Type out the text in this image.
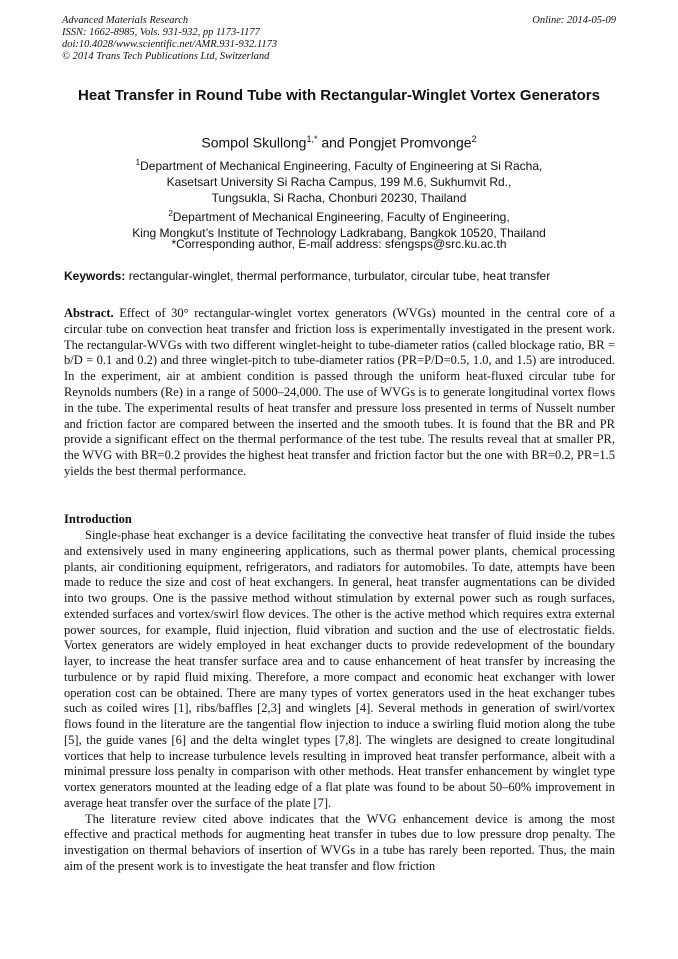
Advanced Materials Research
ISSN: 1662-8985, Vols. 931-932, pp 1173-1177
doi:10.4028/www.scientific.net/AMR.931-932.1173
© 2014 Trans Tech Publications Ltd, Switzerland
Online: 2014-05-09
Heat Transfer in Round Tube with Rectangular-Winglet Vortex Generators
Sompol Skullong$^{1,*}$ and Pongjet Promvonge$^2$
$^1$Department of Mechanical Engineering, Faculty of Engineering at Si Racha,
Kasetsart University Si Racha Campus, 199 M.6, Sukhumvit Rd.,
Tungsukla, Si Racha, Chonburi 20230, Thailand
$^2$Department of Mechanical Engineering, Faculty of Engineering,
King Mongkut’s Institute of Technology Ladkrabang, Bangkok 10520, Thailand
*Corresponding author, E-mail address: sfengsps@src.ku.ac.th
Keywords: rectangular-winglet, thermal performance, turbulator, circular tube, heat transfer
Abstract. Effect of 30° rectangular-winglet vortex generators (WVGs) mounted in the central core of a circular tube on convection heat transfer and friction loss is experimentally investigated in the present work. The rectangular-WVGs with two different winglet-height to tube-diameter ratios (called blockage ratio, BR = b/D = 0.1 and 0.2) and three winglet-pitch to tube-diameter ratios (PR=P/D=0.5, 1.0, and 1.5) are introduced. In the experiment, air at ambient condition is passed through the uniform heat-fluxed circular tube for Reynolds numbers (Re) in a range of 5000–24,000. The use of WVGs is to generate longitudinal vortex flows in the tube. The experimental results of heat transfer and pressure loss presented in terms of Nusselt number and friction factor are compared between the inserted and the smooth tubes. It is found that the BR and PR provide a significant effect on the thermal performance of the test tube. The results reveal that at smaller PR, the WVG with BR=0.2 provides the highest heat transfer and friction factor but the one with BR=0.2, PR=1.5 yields the best thermal performance.
Introduction

Single-phase heat exchanger is a device facilitating the convective heat transfer of fluid inside the tubes and extensively used in many engineering applications, such as thermal power plants, chemical processing plants, air conditioning equipment, refrigerators, and radiators for automobiles. To date, attempts have been made to reduce the size and cost of heat exchangers. In general, heat transfer augmentations can be divided into two groups. One is the passive method without stimulation by external power such as rough surfaces, extended surfaces and vortex/swirl flow devices. The other is the active method which requires extra external power sources, for example, fluid injection, fluid vibration and suction and the use of electrostatic fields. Vortex generators are widely employed in heat exchanger ducts to provide redevelopment of the boundary layer, to increase the heat transfer surface area and to cause enhancement of heat transfer by increasing the turbulence or by rapid fluid mixing. Therefore, a more compact and economic heat exchanger with lower operation cost can be obtained. There are many types of vortex generators used in the heat exchanger tubes such as coiled wires [1], ribs/baffles [2,3] and winglets [4]. Several methods in generation of swirl/vortex flows found in the literature are the tangential flow injection to induce a swirling fluid motion along the tube [5], the guide vanes [6] and the delta winglet types [7,8]. The winglets are designed to create longitudinal vortices that help to increase turbulence levels resulting in improved heat transfer performance, albeit with a minimal pressure loss penalty in comparison with other methods. Heat transfer enhancement by winglet type vortex generators mounted at the leading edge of a flat plate was found to be about 50–60% improvement in average heat transfer over the surface of the plate [7].

The literature review cited above indicates that the WVG enhancement device is among the most effective and practical methods for augmenting heat transfer in tubes due to low pressure drop penalty. The investigation on thermal behaviors of insertion of WVGs in a tube has rarely been reported. Thus, the main aim of the present work is to investigate the heat transfer and flow friction
